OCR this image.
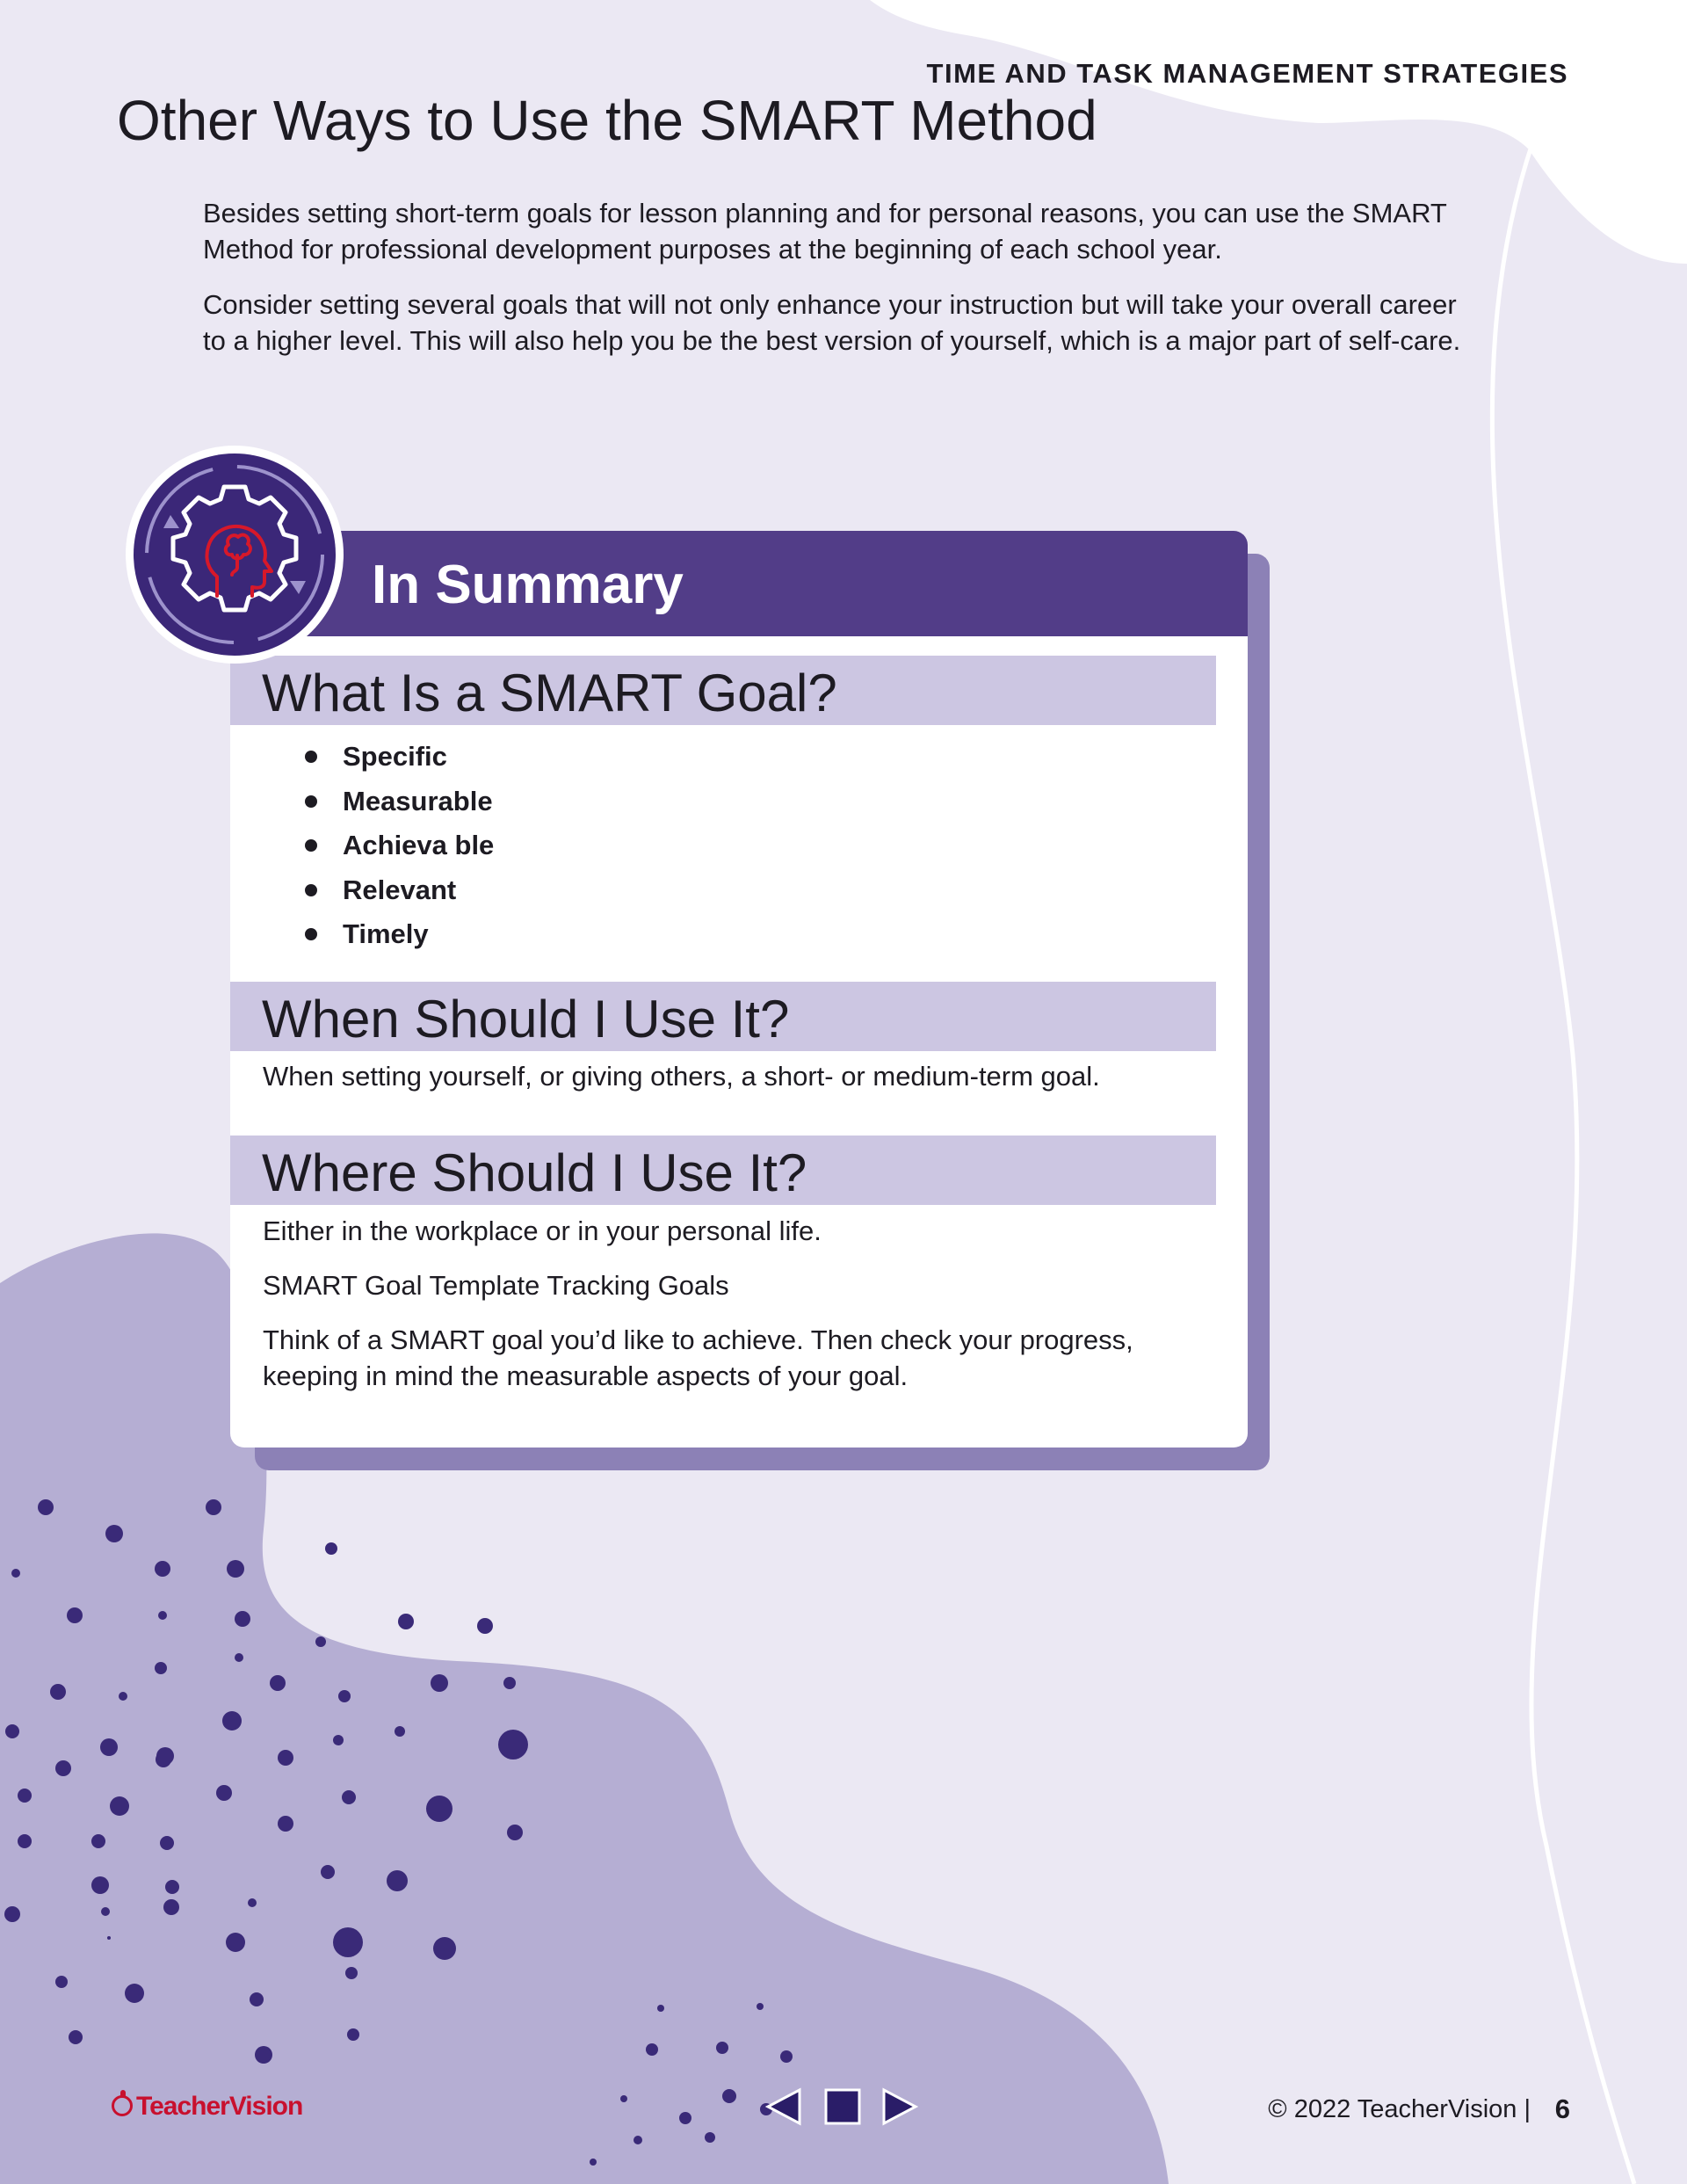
TIME AND TASK MANAGEMENT STRATEGIES
Other Ways to Use the SMART Method

Besides setting short-term goals for lesson planning and for personal reasons, you can use the SMART Method for professional development purposes at the beginning of each school year.

Consider setting several goals that will not only enhance your instruction but will take your overall career to a higher level. This will also help you be the best version of yourself, which is a major part of self-care.

In Summary
What Is a SMART Goal?
Specific
Measurable
Achieva ble
Relevant
Timely
When Should I Use It?

When setting yourself, or giving others, a short- or medium-term goal.

Where Should I Use It?

Either in the workplace or in your personal life.

SMART Goal Template Tracking Goals

Think of a SMART goal you’d like to achieve. Then check your progress, keeping in mind the measurable aspects of your goal.

TeacherVision	© 2022 TeacherVision | 6
